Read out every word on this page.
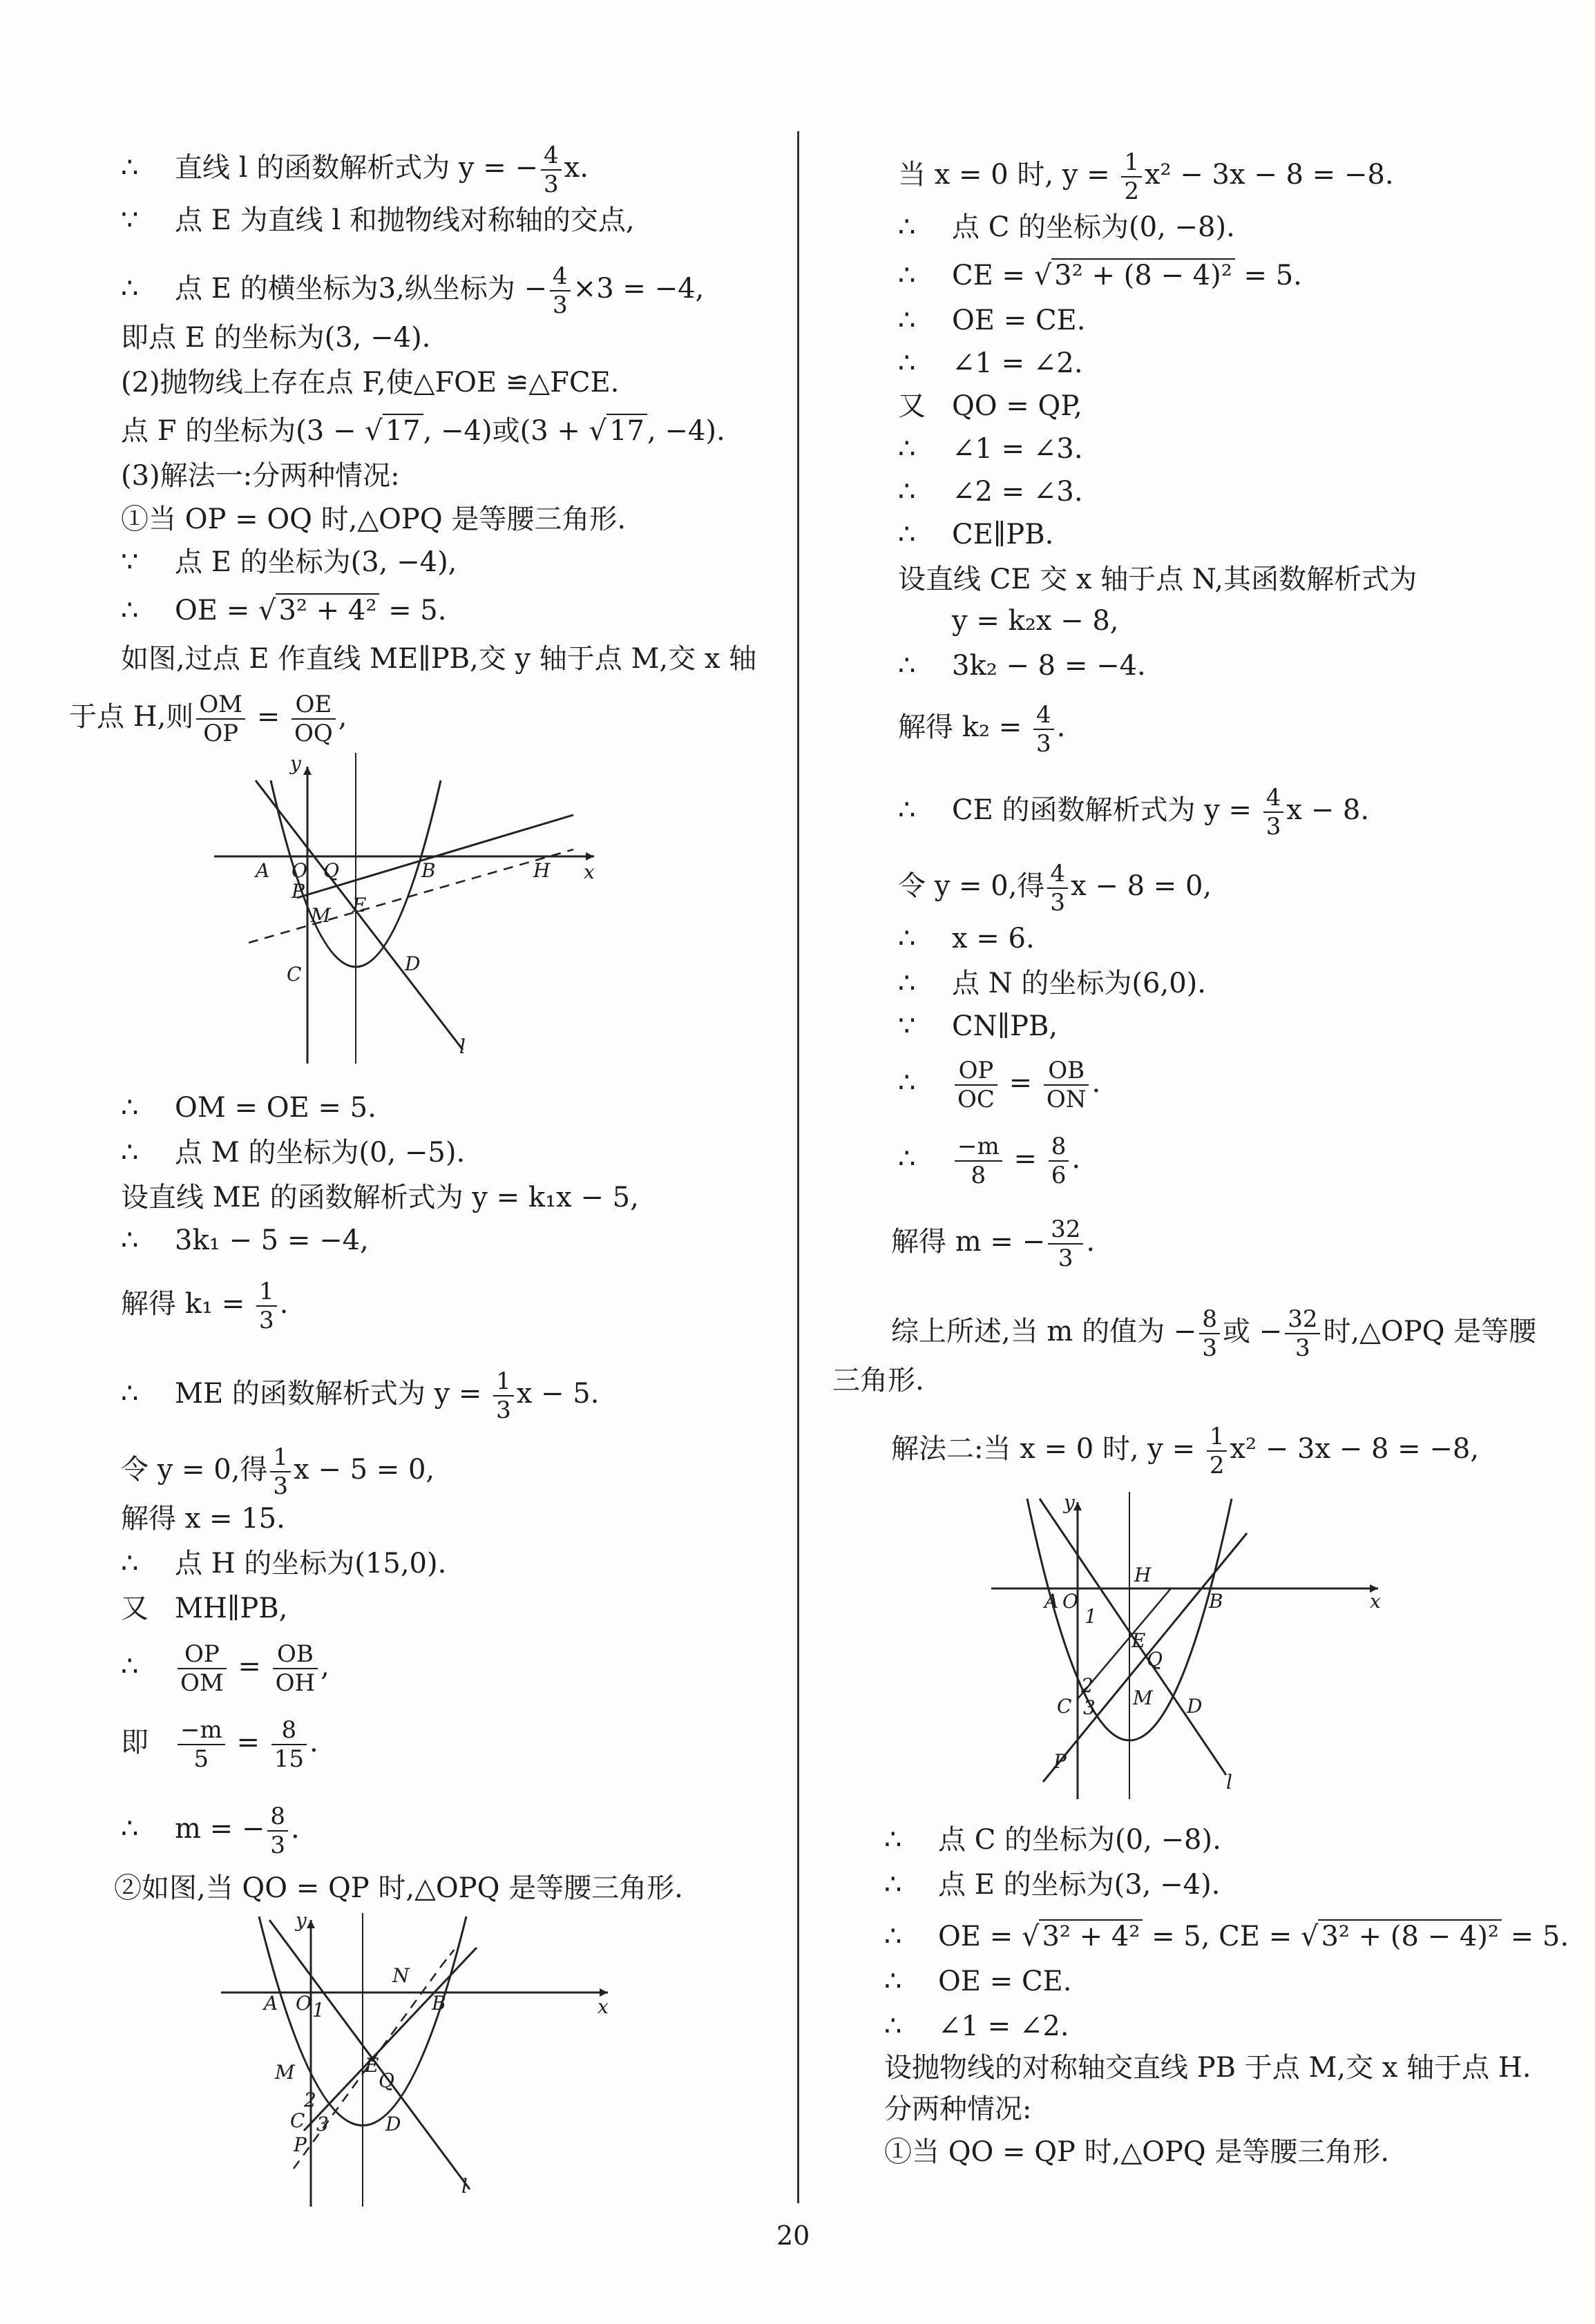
∴ 直线 l 的函数解析式为 y = − $\frac{4}{3} x$.
∵ 点 E 为直线 l 和抛物线对称轴的交点,
∴ 点 E 的横坐标为3,纵坐标为 − $\frac{4}{3} \times 3 = -4$,
即点 E 的坐标为(3, −4).
(2)抛物线上存在点 F,使△FOE ≌△FCE.
点 F 的坐标为(3 − √ 17 , −4)或(3 + √ 17 , −4).
(3)解法一:分两种情况:
①当 OP = OQ 时,△OPQ 是等腰三角形.
∵ 点 E 的坐标为(3, −4),
∴ OE = √ 3² + 4² = 5.
如图,过点 E 作直线 ME∥PB,交 y 轴于点 M,交 x 轴
于点 H,则 $\frac{OM}{OP} = \frac{OE}{OQ}$ ,
y
x
A O Q	B	H
P
M E
C	D
l
∴ OM = OE = 5.
∴ 点 M 的坐标为(0, −5).
设直线 ME 的函数解析式为 y = k₁x − 5,
∴ 3k₁ − 5 = −4,
解得 $k_1 = \frac{1}{3}$ .
∴ ME 的函数解析式为 $y = \frac{1}{3}$ x − 5.
令 y = 0,得 $\frac{1}{3}$ x − 5 = 0,
解得 x = 15.
∴ 点 H 的坐标为(15,0).
又 MH∥PB,
∴ $\frac{OP}{OM} = \frac{OB}{OH}$ ,
即 $\frac{-m}{5} = \frac{8}{15}$ .
∴ m = − $\frac{8}{3}$ .
②如图,当 QO = QP 时,△OPQ 是等腰三角形.
y
x
A O 1
N
B
M	E
Q
2
C 3
P
D
l
当 x = 0 时, $y = \frac{1}{2} x^2 - 3x - 8 = -8$.
∴ 点 C 的坐标为(0, −8).
∴ CE = √ 3² + (8 − 4)² = 5.
∴ OE = CE.
∴ ∠1 = ∠2.
又 QO = QP,
∴ ∠1 = ∠3.
∴ ∠2 = ∠3.
∴ CE∥PB.
设直线 CE 交 x 轴于点 N,其函数解析式为
y = k₂x − 8,
∴ 3k₂ − 8 = −4.
解得 $k_2 = \frac{4}{3}$ .
∴ CE 的函数解析式为 $y = \frac{4}{3}$ x − 8.
令 y = 0,得 $\frac{4}{3}$ x − 8 = 0,
∴ x = 6.
∴ 点 N 的坐标为(6,0).
∵ CN∥PB,
∴ $\frac{OP}{OC} = \frac{OB}{ON}$ .
∴ $\frac{-m}{8} = \frac{8}{6}$ .
解得 m = − $\frac{32}{3}$ .
综上所述,当 m 的值为 − $\frac{8}{3}$ 或 − $\frac{32}{3}$ 时,△OPQ 是等腰
三角形.
解法二:当 x = 0 时, $y = \frac{1}{2} x^2 - 3x - 8 = -8$,
y
x
H
A O
1
B
E
Q
2
C 3 M D
P
l
∴ 点 C 的坐标为(0, −8).
∴ 点 E 的坐标为(3, −4).
∴ OE = √ 3² + 4² = 5, CE = √ 3² + (8 − 4)² = 5.
∴ OE = CE.
∴ ∠1 = ∠2.
设抛物线的对称轴交直线 PB 于点 M,交 x 轴于点 H.
分两种情况:
①当 QO = QP 时,△OPQ 是等腰三角形.
20
